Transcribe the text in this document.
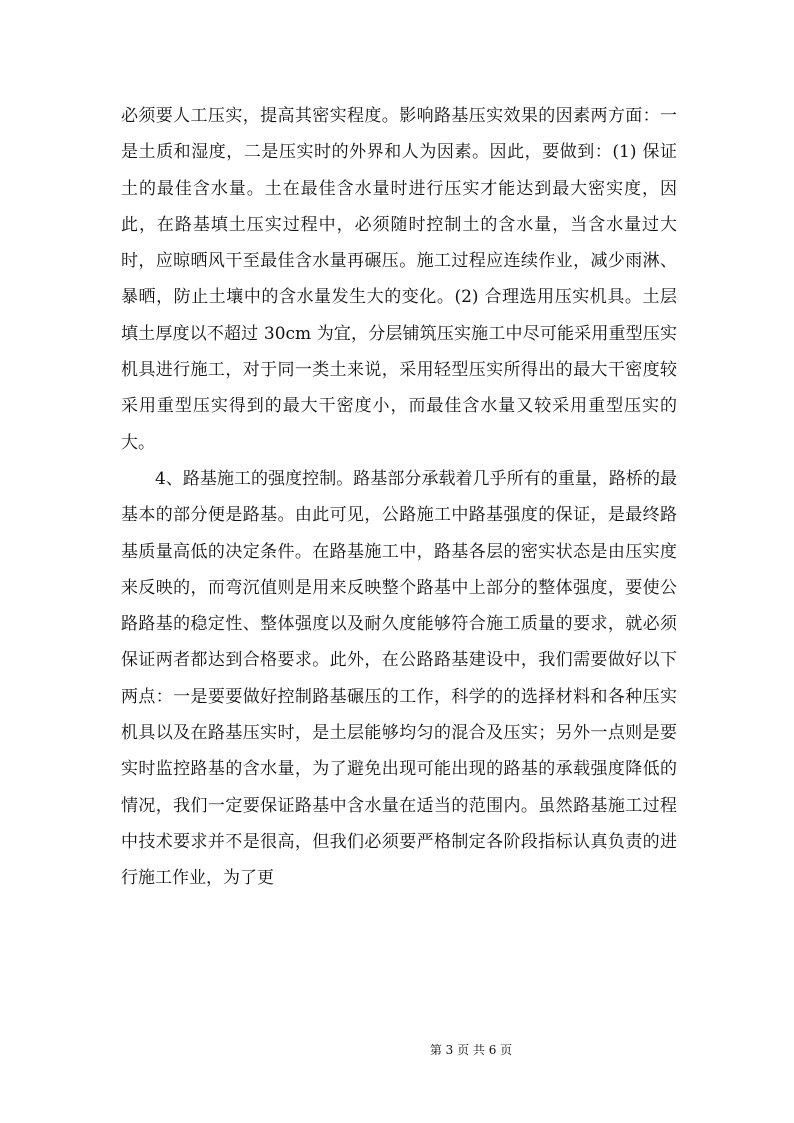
必须要人工压实，提高其密实程度。影响路基压实效果的因素两方面：一是土质和湿度，二是压实时的外界和人为因素。因此，要做到：(1) 保证土的最佳含水量。土在最佳含水量时进行压实才能达到最大密实度，因此，在路基填土压实过程中，必须随时控制土的含水量，当含水量过大时，应晾晒风干至最佳含水量再碾压。施工过程应连续作业，减少雨淋、暴晒，防止土壤中的含水量发生大的变化。(2) 合理选用压实机具。土层填土厚度以不超过 30cm 为宜，分层铺筑压实施工中尽可能采用重型压实机具进行施工，对于同一类土来说，采用轻型压实所得出的最大干密度较采用重型压实得到的最大干密度小，而最佳含水量又较采用重型压实的大。

4、路基施工的强度控制。路基部分承载着几乎所有的重量，路桥的最基本的部分便是路基。由此可见，公路施工中路基强度的保证，是最终路基质量高低的决定条件。在路基施工中，路基各层的密实状态是由压实度来反映的，而弯沉值则是用来反映整个路基中上部分的整体强度，要使公路路基的稳定性、整体强度以及耐久度能够符合施工质量的要求，就必须保证两者都达到合格要求。此外，在公路路基建设中，我们需要做好以下两点：一是要要做好控制路基碾压的工作，科学的的选择材料和各种压实机具以及在路基压实时，是土层能够均匀的混合及压实；另外一点则是要实时监控路基的含水量，为了避免出现可能出现的路基的承载强度降低的情况，我们一定要保证路基中含水量在适当的范围内。虽然路基施工过程中技术要求并不是很高，但我们必须要严格制定各阶段指标认真负责的进行施工作业，为了更

第 3 页 共 6 页
